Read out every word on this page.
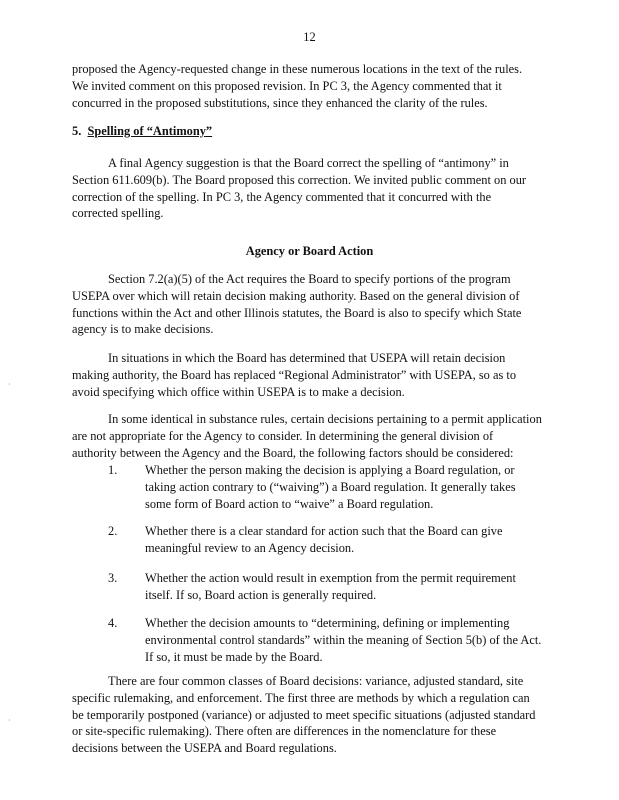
12
5. Spelling of “Antimony”
Agency or Board Action
·
·
proposed the Agency-requested change in these numerous locations in the text of the rules.
We invited comment on this proposed revision. In PC 3, the Agency commented that it
concurred in the proposed substitutions, since they enhanced the clarity of the rules.
A final Agency suggestion is that the Board correct the spelling of “antimony” in
Section 611.609(b). The Board proposed this correction. We invited public comment on our
correction of the spelling. In PC 3, the Agency commented that it concurred with the
corrected spelling.
Section 7.2(a)(5) of the Act requires the Board to specify portions of the program
USEPA over which will retain decision making authority. Based on the general division of
functions within the Act and other Illinois statutes, the Board is also to specify which State
agency is to make decisions.
In situations in which the Board has determined that USEPA will retain decision
making authority, the Board has replaced “Regional Administrator” with USEPA, so as to
avoid specifying which office within USEPA is to make a decision.
In some identical in substance rules, certain decisions pertaining to a permit application
are not appropriate for the Agency to consider. In determining the general division of
authority between the Agency and the Board, the following factors should be considered:
There are four common classes of Board decisions: variance, adjusted standard, site
specific rulemaking, and enforcement. The first three are methods by which a regulation can
be temporarily postponed (variance) or adjusted to meet specific situations (adjusted standard
or site-specific rulemaking). There often are differences in the nomenclature for these
decisions between the USEPA and Board regulations.
1. Whether the person making the decision is applying a Board regulation, or
taking action contrary to (“waiving”) a Board regulation. It generally takes
some form of Board action to “waive” a Board regulation.
2. Whether there is a clear standard for action such that the Board can give
meaningful review to an Agency decision.
3. Whether the action would result in exemption from the permit requirement
itself. If so, Board action is generally required.
4. Whether the decision amounts to “determining, defining or implementing
environmental control standards” within the meaning of Section 5(b) of the Act.
If so, it must be made by the Board.
